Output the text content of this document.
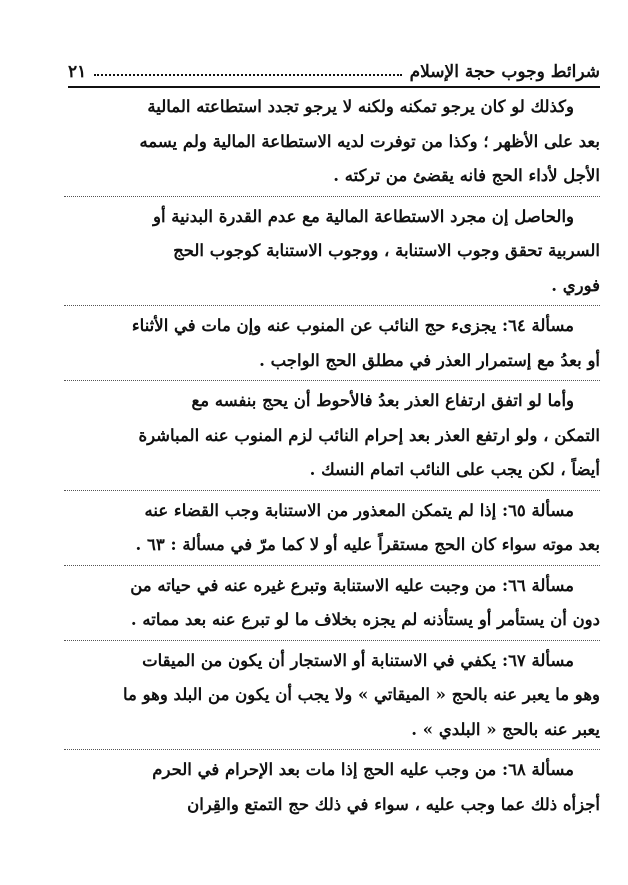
شرائط وجوب حجة الإسلام
٢١
وكذلك لو كان يرجو تمكنه ولكنه لا يرجو تجدد استطاعته المالية
بعد على الأظهر ؛ وكذا من توفرت لديه الاستطاعة المالية ولم يسمه
الأجل لأداء الحج فانه يقضئ من تركته .
والحاصل إن مجرد الاستطاعة المالية مع عدم القدرة البدنية أو
السربية تحقق وجوب الاستنابة ، ووجوب الاستنابة كوجوب الحج
فوري .
مسألة ٦٤: يجزىء حج النائب عن المنوب عنه وإن مات في الأثناء
أو بعدُ مع إستمرار العذر في مطلق الحج الواجب .
وأما لو اتفق ارتفاع العذر بعدُ فالأحوط أن يحج بنفسه مع
التمكن ، ولو ارتفع العذر بعد إحرام النائب لزم المنوب عنه المباشرة
أيضاً ، لكن يجب على النائب اتمام النسك .
مسألة ٦٥: إذا لم يتمكن المعذور من الاستنابة وجب القضاء عنه
بعد موته سواء كان الحج مستقراً عليه أو لا كما مرّ في مسألة : ٦٣ .
مسألة ٦٦: من وجبت عليه الاستنابة وتبرع غيره عنه في حياته من
دون أن يستأمر أو يستأذنه لم يجزه بخلاف ما لو تبرع عنه بعد مماته .
مسألة ٦٧: يكفي في الاستنابة أو الاستجار أن يكون من الميقات
وهو ما يعبر عنه بالحج « الميقاتي » ولا يجب أن يكون من البلد وهو ما
يعبر عنه بالحج « البلدي » .
مسألة ٦٨: من وجب عليه الحج إذا مات بعد الإحرام في الحرم
أجزأه ذلك عما وجب عليه ، سواء في ذلك حج التمتع والقِران
